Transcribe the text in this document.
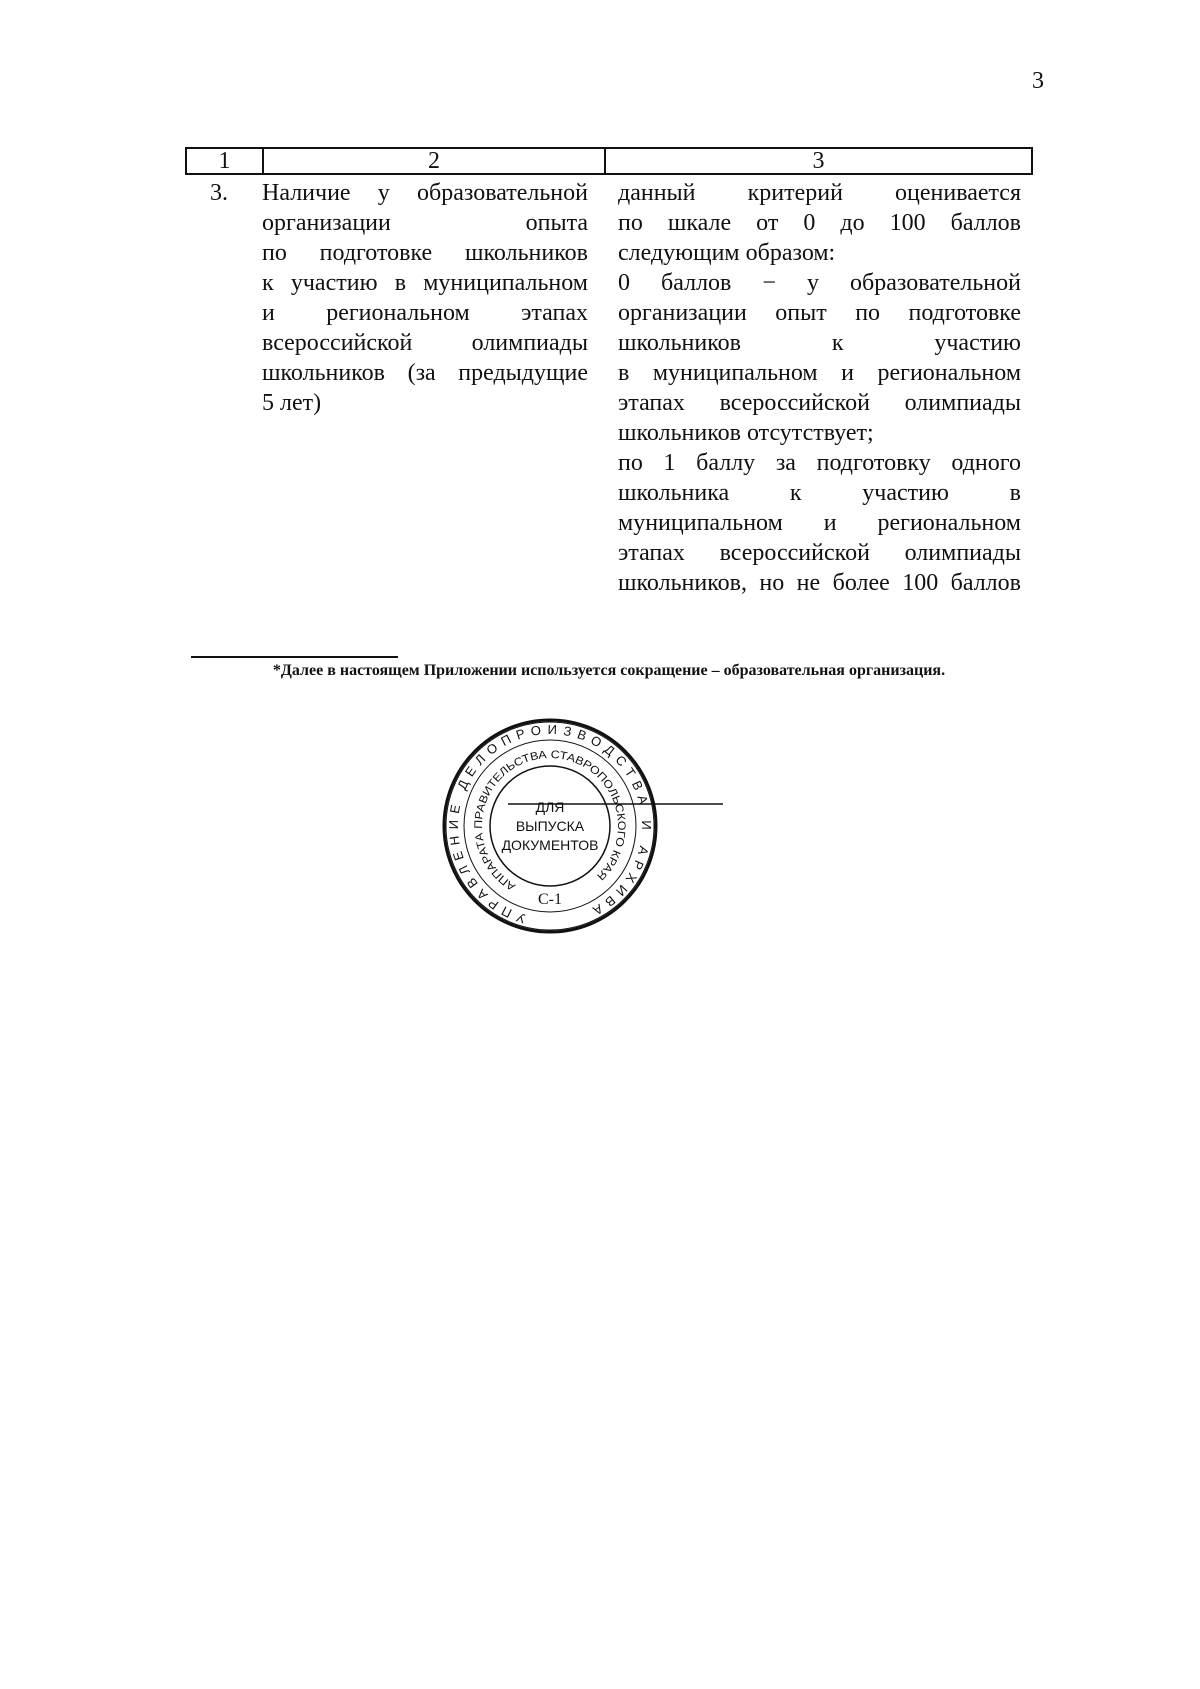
3
1	2	3
3. Наличие у образовательной
организации опыта
по подготовке школьников
к участию в муниципальном
и региональном этапах
всероссийской олимпиады
школьников (за предыдущие
5 лет)
данный критерий оценивается
по шкале от 0 до 100 баллов
следующим образом:
0 баллов − у образовательной
организации опыт по подготовке
школьников к участию
в муниципальном и региональном
этапах всероссийской олимпиады
школьников отсутствует;
по 1 баллу за подготовку одного
школьника к участию в
муниципальном и региональном
этапах всероссийской олимпиады
школьников, но не более 100 баллов
*Далее в настоящем Приложении используется сокращение – образовательная организация.
УПРАВЛЕНИЕ ДЕЛОПРОИЗВОДСТВА И АРХИВА
АППАРАТА ПРАВИТЕЛЬСТВА СТАВРОПОЛЬСКОГО КРАЯ
ДЛЯ
ВЫПУСКА
ДОКУМЕНТОВ
С-1
